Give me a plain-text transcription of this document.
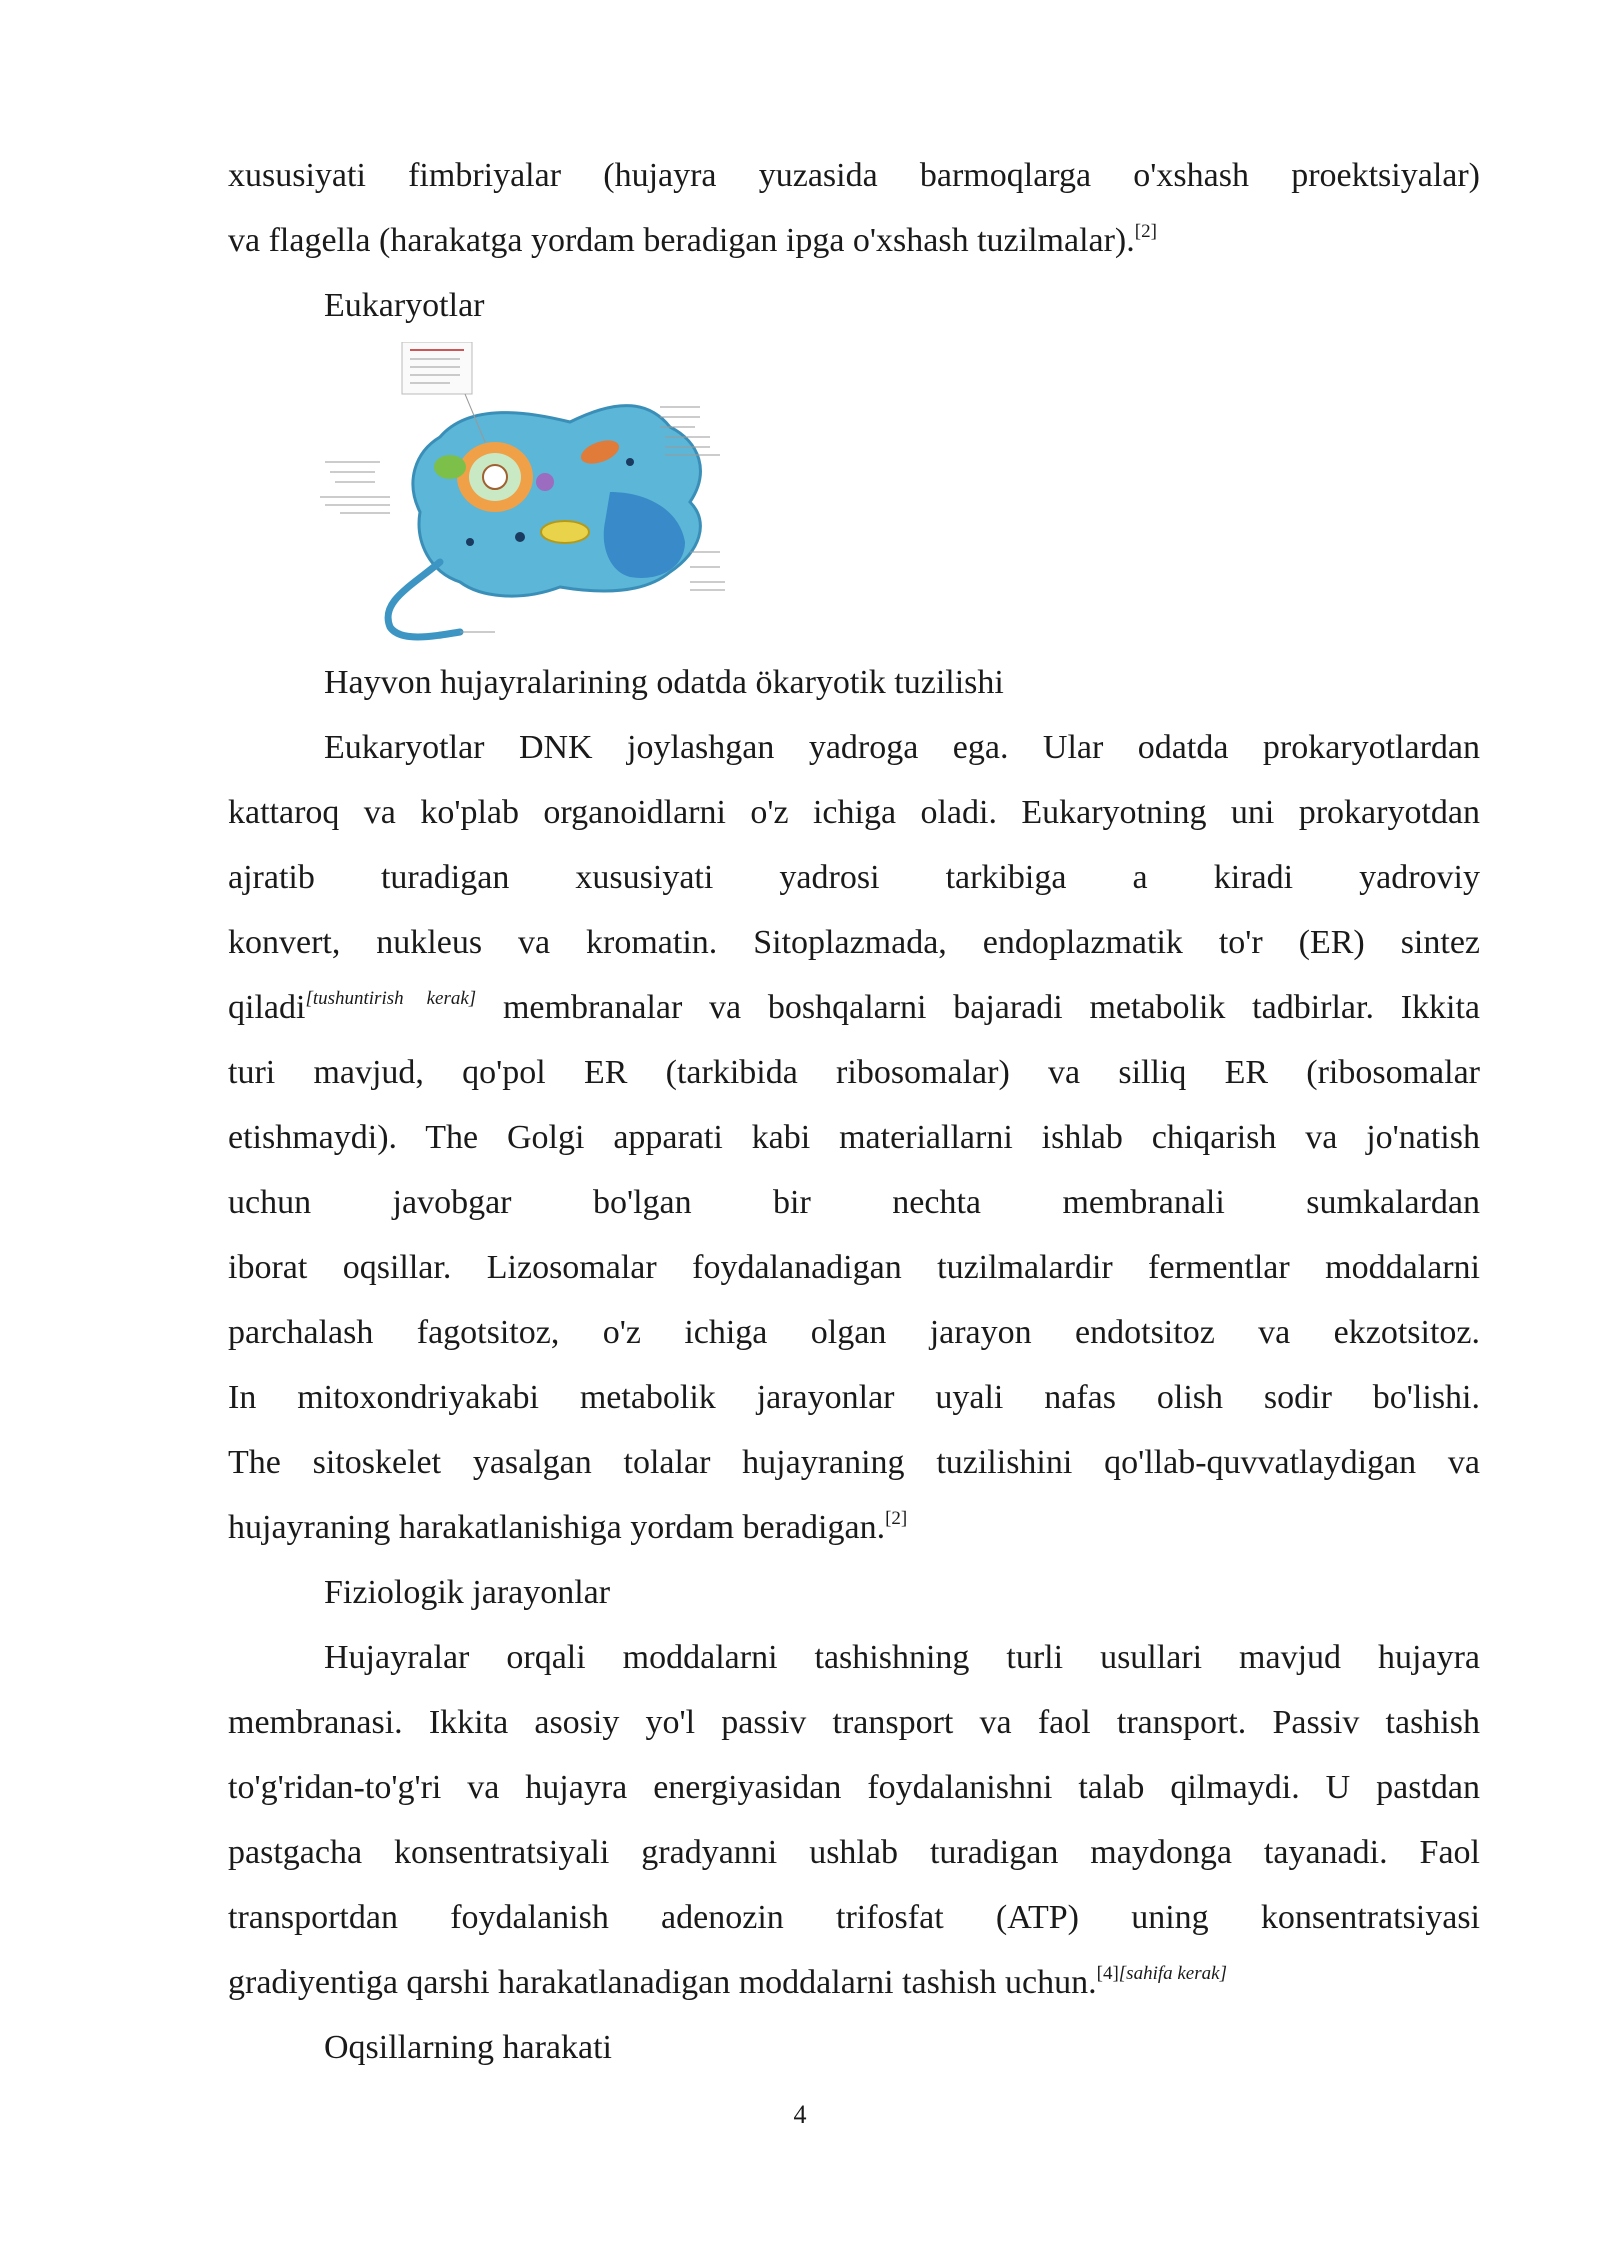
xususiyati fimbriyalar (hujayra yuzasida barmoqlarga o'xshash proektsiyalar)
va flagella (harakatga yordam beradigan ipga o'xshash tuzilmalar).[2]
Eukaryotlar
Hayvon hujayralarining odatda ökaryotik tuzilishi
Eukaryotlar DNK joylashgan yadroga ega. Ular odatda prokaryotlardan
kattaroq va ko'plab organoidlarni o'z ichiga oladi. Eukaryotning uni prokaryotdan
ajratib turadigan xususiyati yadrosi tarkibiga a kiradi yadroviy
konvert, nukleus va kromatin. Sitoplazmada, endoplazmatik to'r (ER) sintez
qiladi[tushuntirish kerak] membranalar va boshqalarni bajaradi metabolik tadbirlar. Ikkita
turi mavjud, qo'pol ER (tarkibida ribosomalar) va silliq ER (ribosomalar
etishmaydi). The Golgi apparati kabi materiallarni ishlab chiqarish va jo'natish
uchun javobgar bo'lgan bir nechta membranali sumkalardan
iborat oqsillar. Lizosomalar foydalanadigan tuzilmalardir fermentlar moddalarni
parchalash fagotsitoz, o'z ichiga olgan jarayon endotsitoz va ekzotsitoz.
In mitoxondriyakabi metabolik jarayonlar uyali nafas olish sodir bo'lishi.
The sitoskelet yasalgan tolalar hujayraning tuzilishini qo'llab-quvvatlaydigan va
hujayraning harakatlanishiga yordam beradigan.[2]
Fiziologik jarayonlar
Hujayralar orqali moddalarni tashishning turli usullari mavjud hujayra
membranasi. Ikkita asosiy yo'l passiv transport va faol transport. Passiv tashish
to'g'ridan-to'g'ri va hujayra energiyasidan foydalanishni talab qilmaydi. U pastdan
pastgacha konsentratsiyali gradyanni ushlab turadigan maydonga tayanadi. Faol
transportdan foydalanish adenozin trifosfat (ATP) uning konsentratsiyasi
gradiyentiga qarshi harakatlanadigan moddalarni tashish uchun.[4][sahifa kerak]
Oqsillarning harakati
4
